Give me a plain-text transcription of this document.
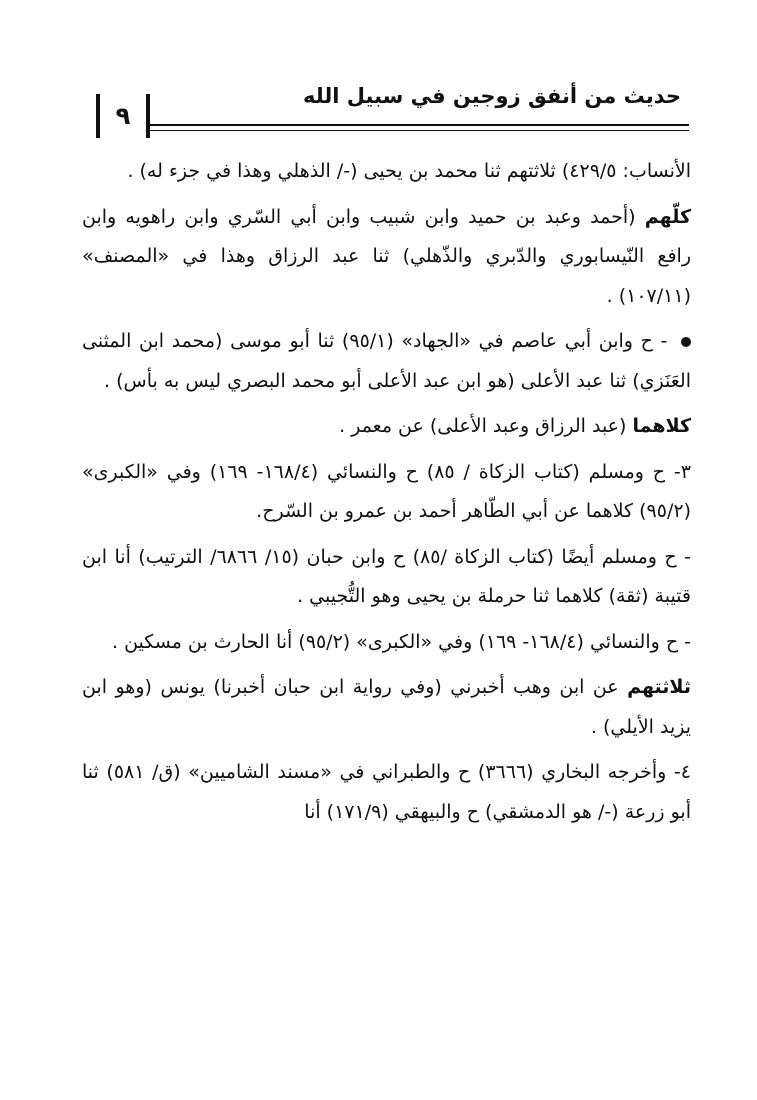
حديث من أنفق زوجين في سبيل الله
٩

الأنساب: ٤٢٩/٥) ثلاثتهم ثنا محمد بن يحيى (-/ الذهلي وهذا في جزء له) .

كلّهم (أحمد وعبد بن حميد وابن شبيب وابن أبي السّري وابن راهويه وابن رافع النّيسابوري والدّبري والذّهلي) ثنا عبد الرزاق وهذا في «المصنف» (١٠٧/١١) .

- ح وابن أبي عاصم في «الجهاد» (٩٥/١) ثنا أبو موسى (محمد ابن المثنى العَنَزي) ثنا عبد الأعلى (هو ابن عبد الأعلى أبو محمد البصري ليس به بأس) .

كلاهما (عبد الرزاق وعبد الأعلى) عن معمر .

٣- ح ومسلم (كتاب الزكاة / ٨٥) ح والنسائي (١٦٨/٤- ١٦٩) وفي «الكبرى» (٩٥/٢) كلاهما عن أبي الطّاهر أحمد بن عمرو بن السّرح.

- ح ومسلم أيضًا (كتاب الزكاة /٨٥) ح وابن حبان (١٥/ ٦٨٦٦/ الترتيب) أنا ابن قتيبة (ثقة) كلاهما ثنا حرملة بن يحيى وهو التُّجيبي .

- ح والنسائي (١٦٨/٤- ١٦٩) وفي «الكبرى» (٩٥/٢) أنا الحارث بن مسكين .

ثلاثتهم عن ابن وهب أخبرني (وفي رواية ابن حبان أخبرنا) يونس (وهو ابن يزيد الأيلي) .

٤- وأخرجه البخاري (٣٦٦٦) ح والطبراني في «مسند الشاميين» (ق/ ٥٨١) ثنا أبو زرعة (-/ هو الدمشقي) ح والبيهقي (١٧١/٩) أنا
